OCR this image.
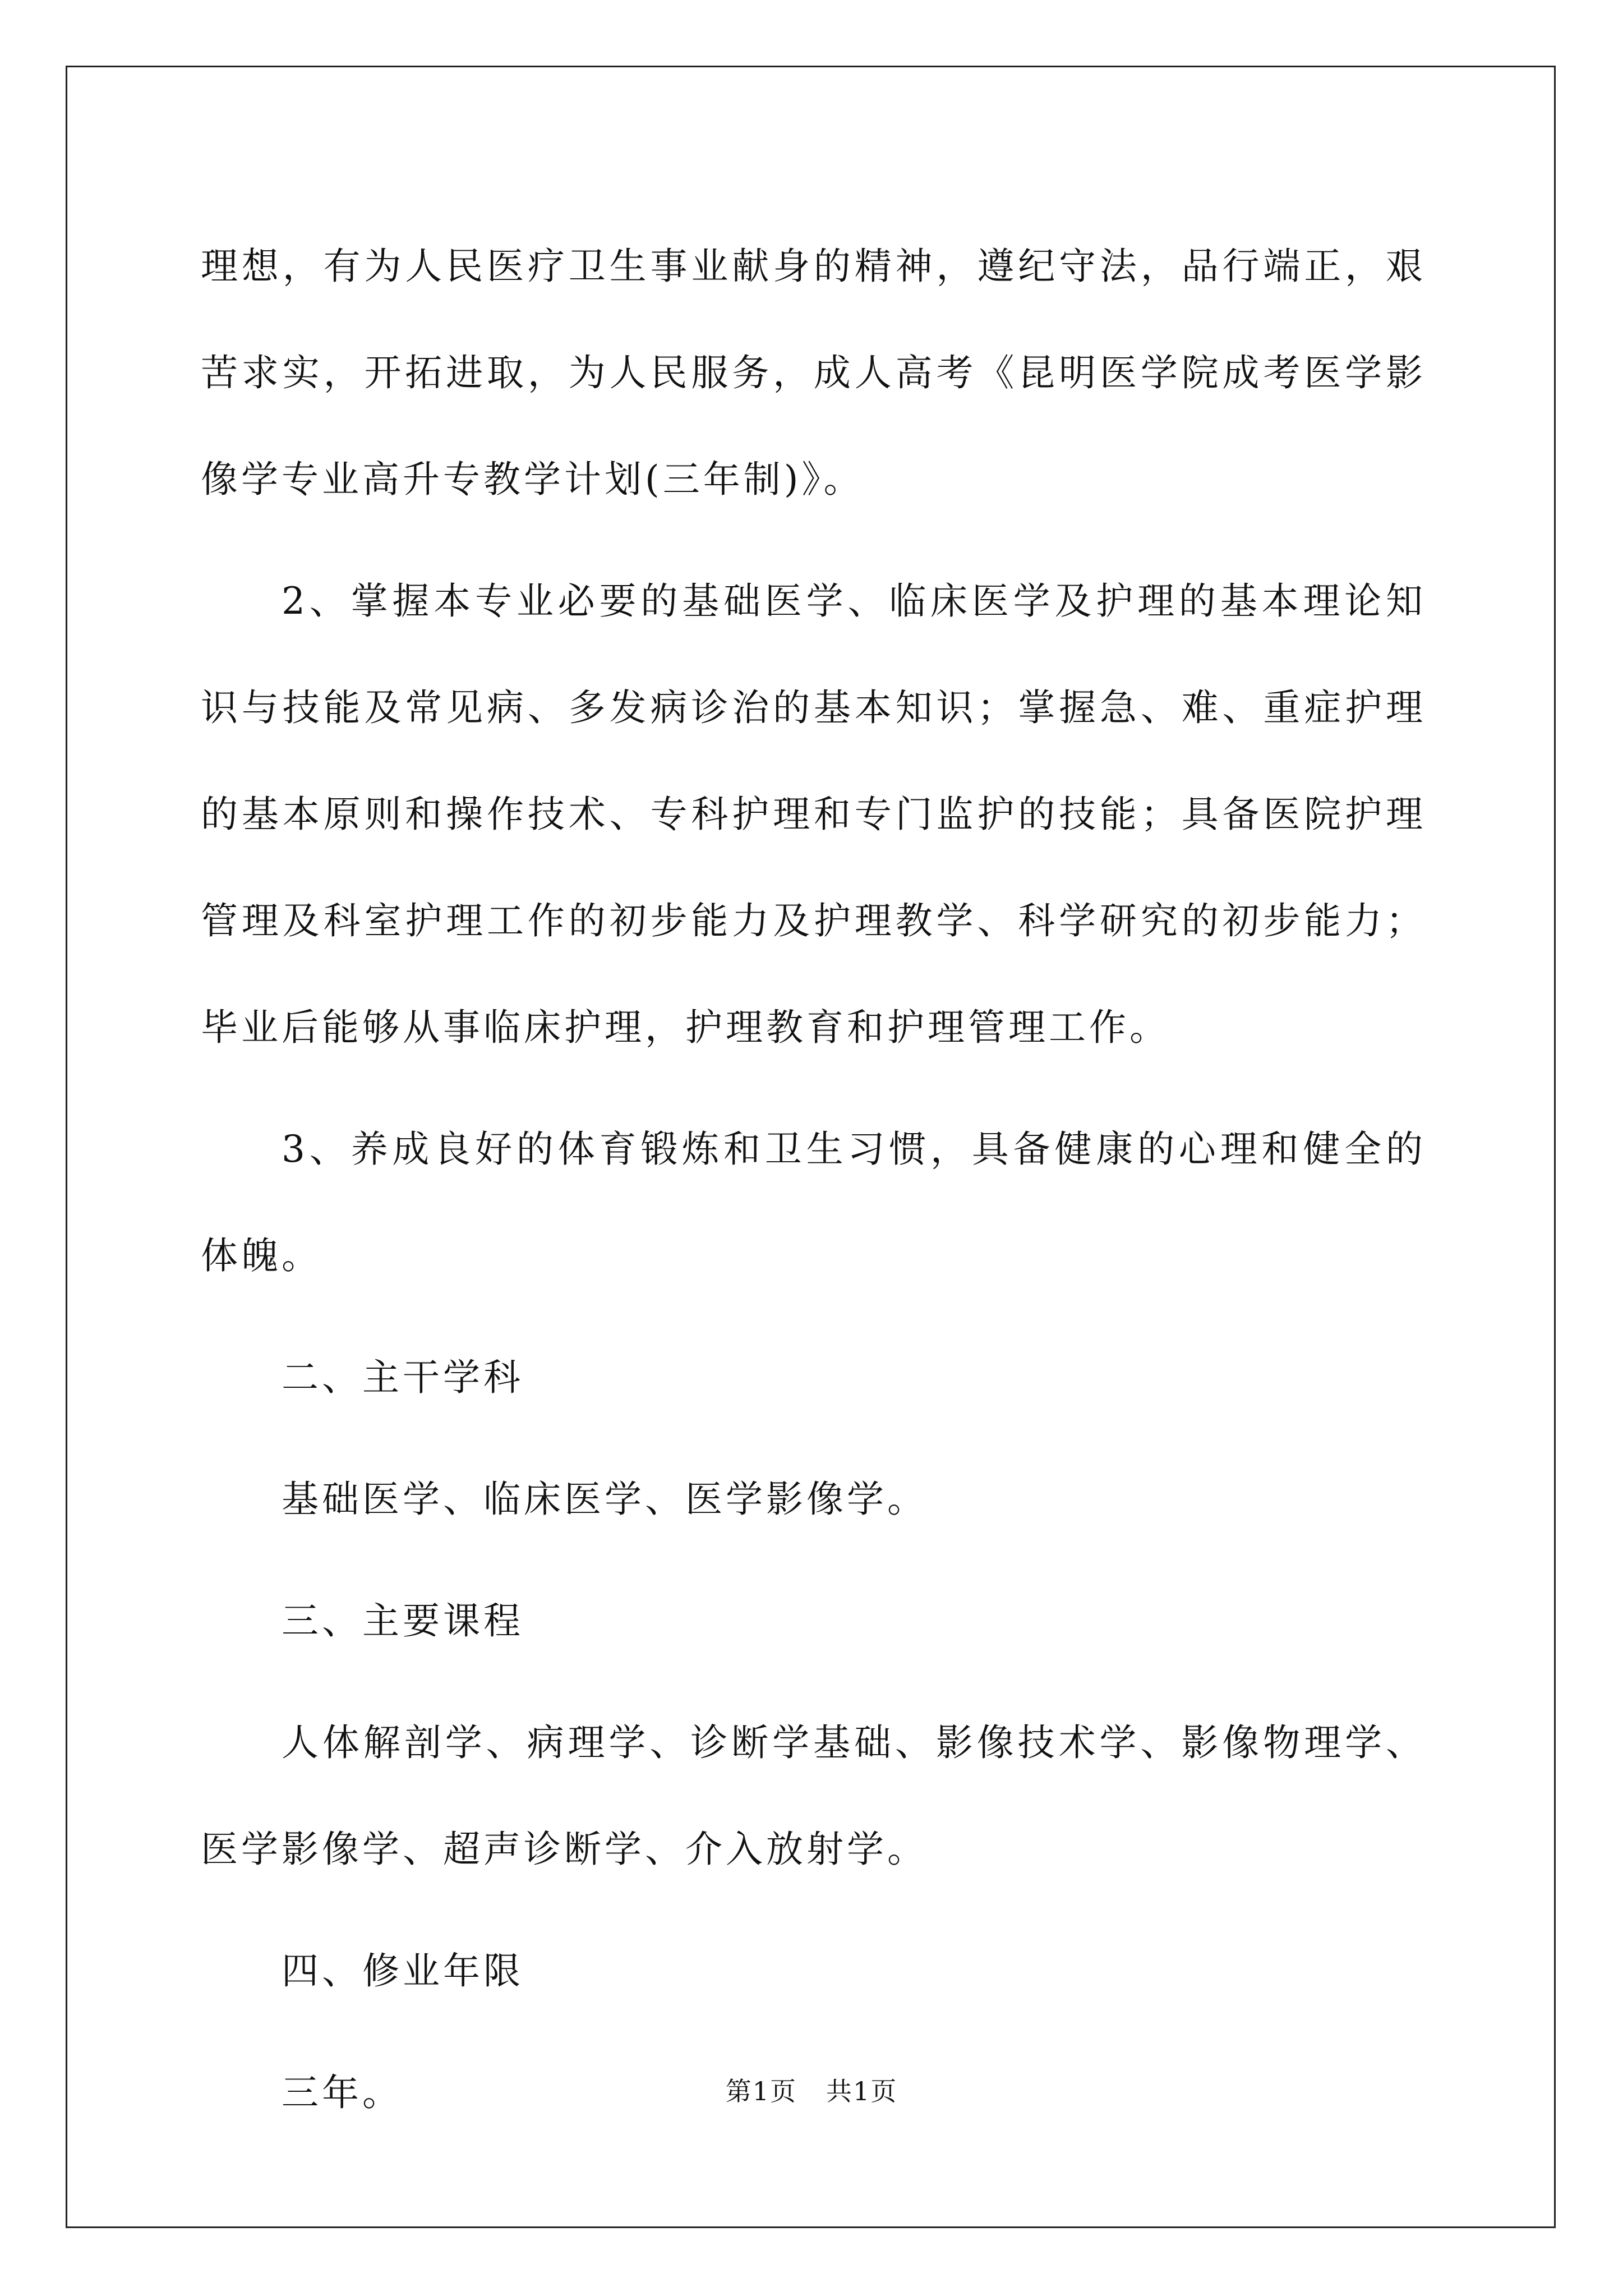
理想，有为人民医疗卫生事业献身的精神，遵纪守法，品行端正，艰苦求实，开拓进取，为人民服务，成人高考《昆明医学院成考医学影像学专业高升专教学计划(三年制)》。

2、掌握本专业必要的基础医学、临床医学及护理的基本理论知识与技能及常见病、多发病诊治的基本知识；掌握急、难、重症护理的基本原则和操作技术、专科护理和专门监护的技能；具备医院护理管理及科室护理工作的初步能力及护理教学、科学研究的初步能力；毕业后能够从事临床护理，护理教育和护理管理工作。

3、养成良好的体育锻炼和卫生习惯，具备健康的心理和健全的体魄。

二、主干学科

基础医学、临床医学、医学影像学。

三、主要课程

人体解剖学、病理学、诊断学基础、影像技术学、影像物理学、医学影像学、超声诊断学、介入放射学。

四、修业年限

三年。	第1页 共1页
